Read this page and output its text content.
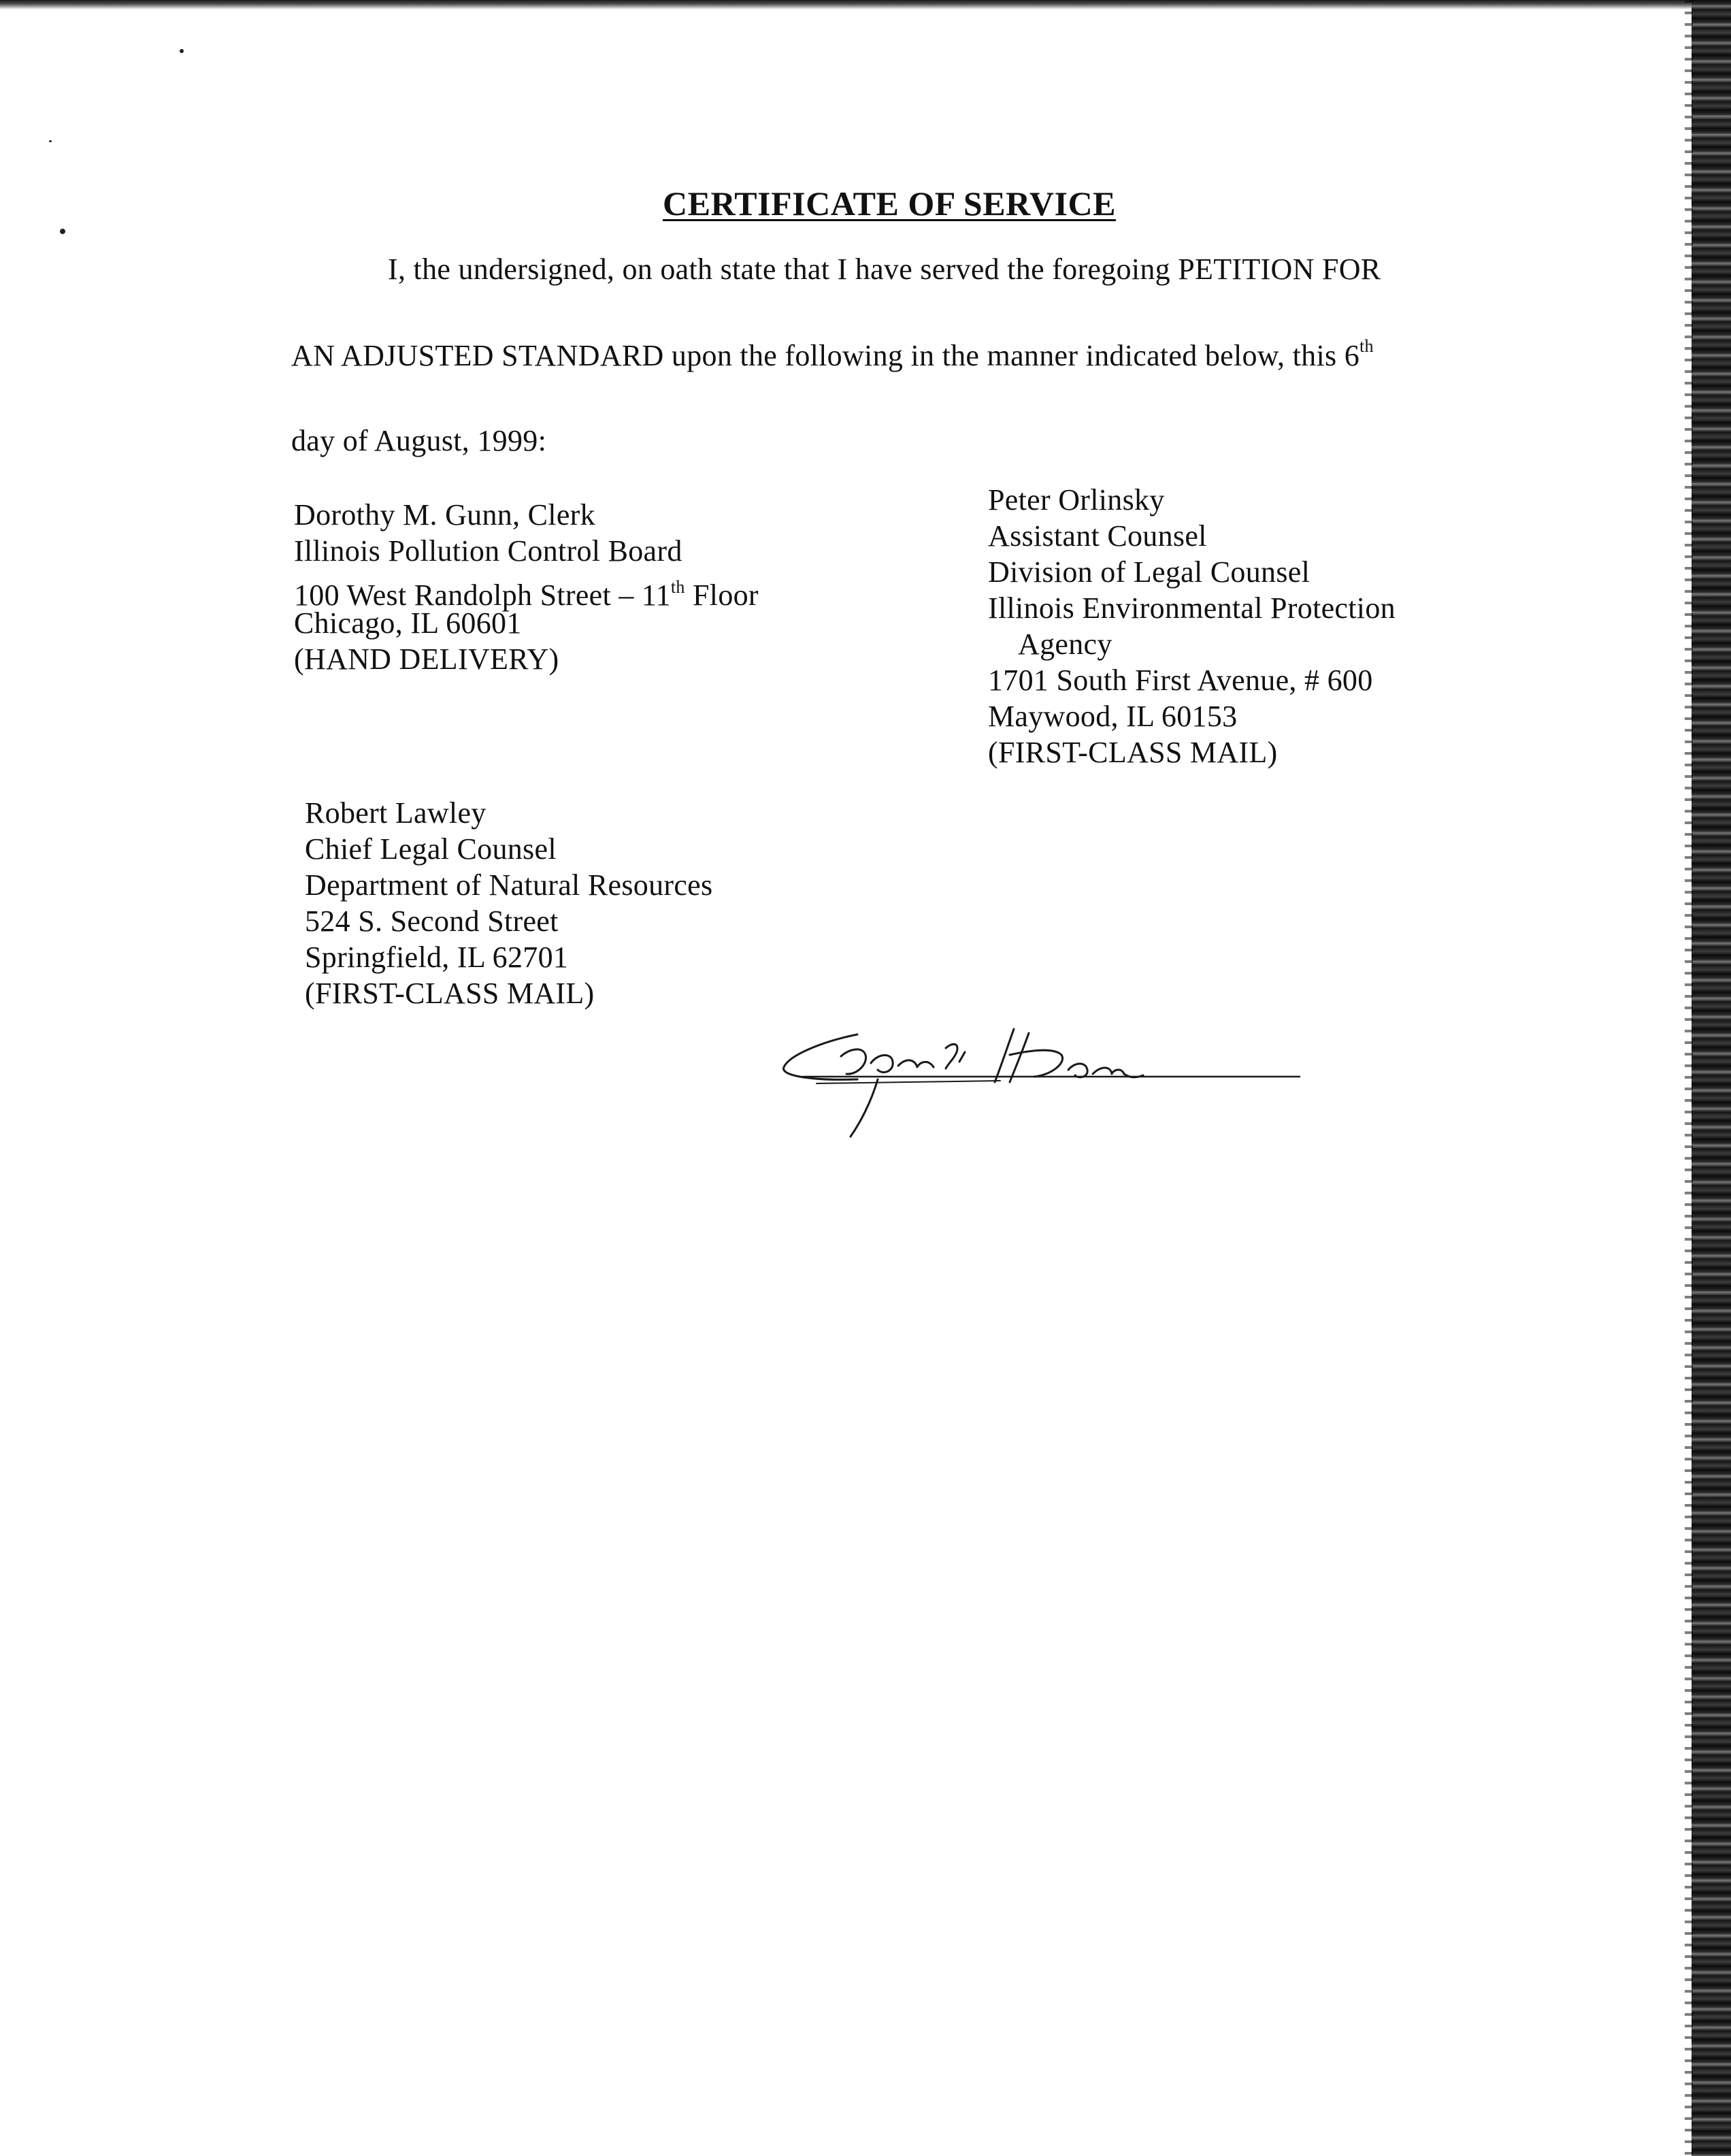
CERTIFICATE OF SERVICE
I, the undersigned, on oath state that I have served the foregoing PETITION FOR
AN ADJUSTED STANDARD upon the following in the manner indicated below, this 6th
day of August, 1999:
Dorothy M. Gunn, Clerk
Illinois Pollution Control Board
100 West Randolph Street – 11th Floor
Chicago, IL 60601
(HAND DELIVERY)
Peter Orlinsky
Assistant Counsel
Division of Legal Counsel
Illinois Environmental Protection
Agency
1701 South First Avenue, # 600
Maywood, IL 60153
(FIRST-CLASS MAIL)
Robert Lawley
Chief Legal Counsel
Department of Natural Resources
524 S. Second Street
Springfield, IL 62701
(FIRST-CLASS MAIL)
